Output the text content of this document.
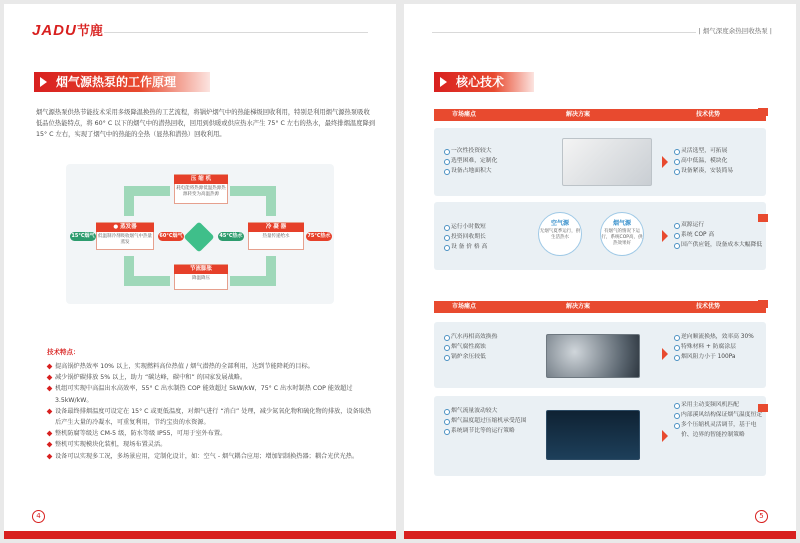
JADU节鹿
烟气源热泵的工作原理

烟气源热泵供热节能技术采用多级降温换热的工艺流程，将锅炉烟气中的热能梯级回收利用，特别是利用烟气源热泵吸收低品位热能特点，将 60° C 以下的烟气中的潜热回收，回用到供暖或供应热水产生 75° C 左右的热水，最终排烟温度降到 15° C 左右，实现了烟气中的热能的全热（显热和潜热）回收利用。

压 缩 机
耗电能将热源低温热源热源转变为高温热源
● 蒸发器
低温制冷剂吸收烟气中热量蒸发
冷 凝 器
热量传递给水
节流膨胀
降温降压
15°C烟气	60°C烟气	45°C热水	75°C热水
技术特点：
提高锅炉热效率 10% 以上，实现燃料高位热值 / 烟气潜热的全部利用，达到节能降耗的目标。
减少锅炉碳排放 5% 以上，助力 “碳达峰，碳中和” 的国家发展战略。
机组可实现中高温出水高效率，55° C 出水制热 COP 能效超过 5kW/kW，75° C 出水时制热 COP 能效超过 3.5kW/kW。
设备最终排烟温度可设定在 15° C 或更低温度，对烟气进行 “消白” 处理，减少氮氧化物和硫化物的排放，设备取热后产生大量的冷凝水，可重复利用，节约宝贵的水资源。
整机防腐等级达 CM-5 级，防水等级 IP55，可用于室外布置。
整机可实现模块化装机，现场布置灵活。
设备可以实现多工况，多场景应用，定制化设计，如：空气 - 烟气耦合应用；增加铝制换热器；耦合光伏光热。
4
| 烟气深度余热回收热泵 |
核心技术
市场痛点	解决方案	技术优势
一次性投资较大
选型困难，定制化
设备占地面积大
灵活选型，可拓展
高中低温，模块化
设备紧凑，安装简易
运行小时数短
投资回收期长
设 备 价 格 高
空气源
无烟气夏季运行，供生活热水
烟气源
有烟气的情况下运行，系统COP高，供热效果好
双源运行
系统 COP 高
国产供应链，设备成本大幅降低
市场痛点	解决方案	技术优势
汽水再相高效换热
烟气腐性腐蚀
锅炉余压较低
逆向顺流换热，效率高 30%
特殊材料 + 防腐涂层
烟风阻力小于 100Pa
烟气流量波动较大
烟气温度超过压缩机承受范围
系统调节比等的运行策略
采用主动变频风机匹配
内部溪风结构保证烟气温度恒定
多个压缩机灵活调节，基于电价、边界的智能控制策略
5
